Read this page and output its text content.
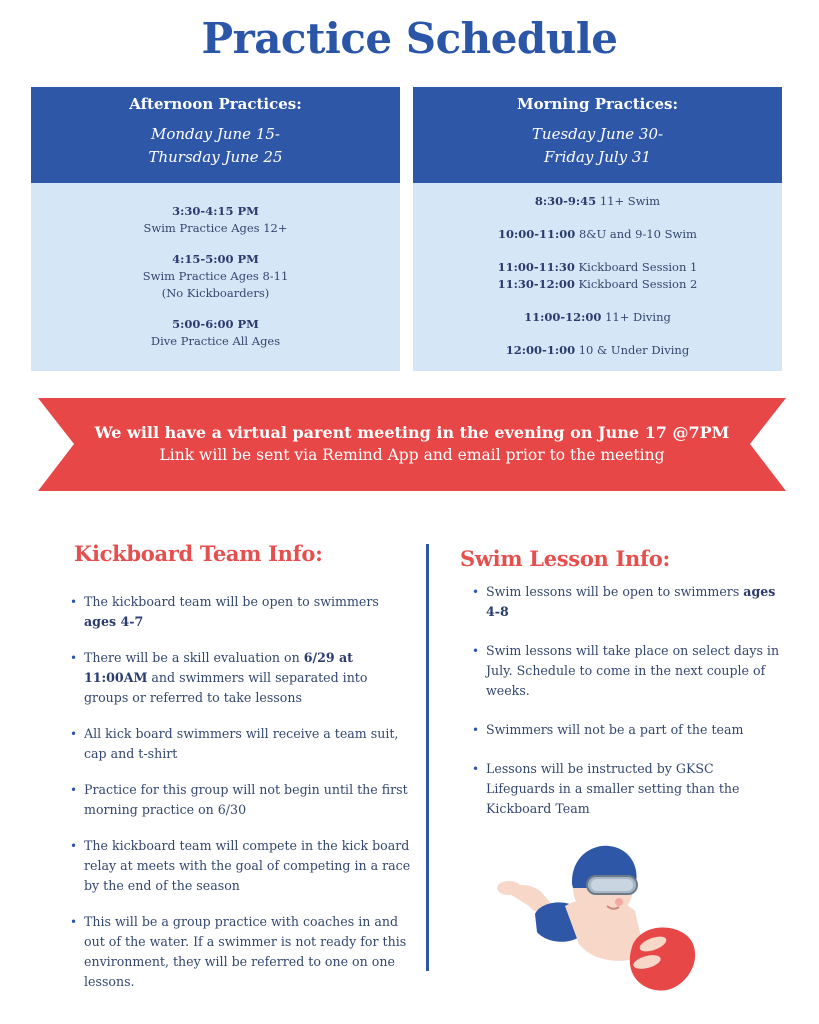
Practice Schedule
Afternoon Practices:
Monday June 15-
Thursday June 25
3:30-4:15 PM
Swim Practice Ages 12+
4:15-5:00 PM
Swim Practice Ages 8-11
(No Kickboarders)
5:00-6:00 PM
Dive Practice All Ages
Morning Practices:
Tuesday June 30-
Friday July 31
8:30-9:45 11+ Swim
10:00-11:00 8&U and 9-10 Swim
11:00-11:30 Kickboard Session 1
11:30-12:00 Kickboard Session 2
11:00-12:00 11+ Diving
12:00-1:00 10 & Under Diving
We will have a virtual parent meeting in the evening on June 17 @7PM
Link will be sent via Remind App and email prior to the meeting
Kickboard Team Info:
• The kickboard team will be open to swimmers ages 4-7
• There will be a skill evaluation on 6/29 at 11:00AM and swimmers will separated into groups or referred to take lessons
• All kick board swimmers will receive a team suit, cap and t-shirt
• Practice for this group will not begin until the first morning practice on 6/30
• The kickboard team will compete in the kick board relay at meets with the goal of competing in a race by the end of the season
• This will be a group practice with coaches in and out of the water. If a swimmer is not ready for this environment, they will be referred to one on one lessons.
Swim Lesson Info:
• Swim lessons will be open to swimmers ages 4-8
• Swim lessons will take place on select days in July. Schedule to come in the next couple of weeks.
• Swimmers will not be a part of the team
• Lessons will be instructed by GKSC Lifeguards in a smaller setting than the Kickboard Team
